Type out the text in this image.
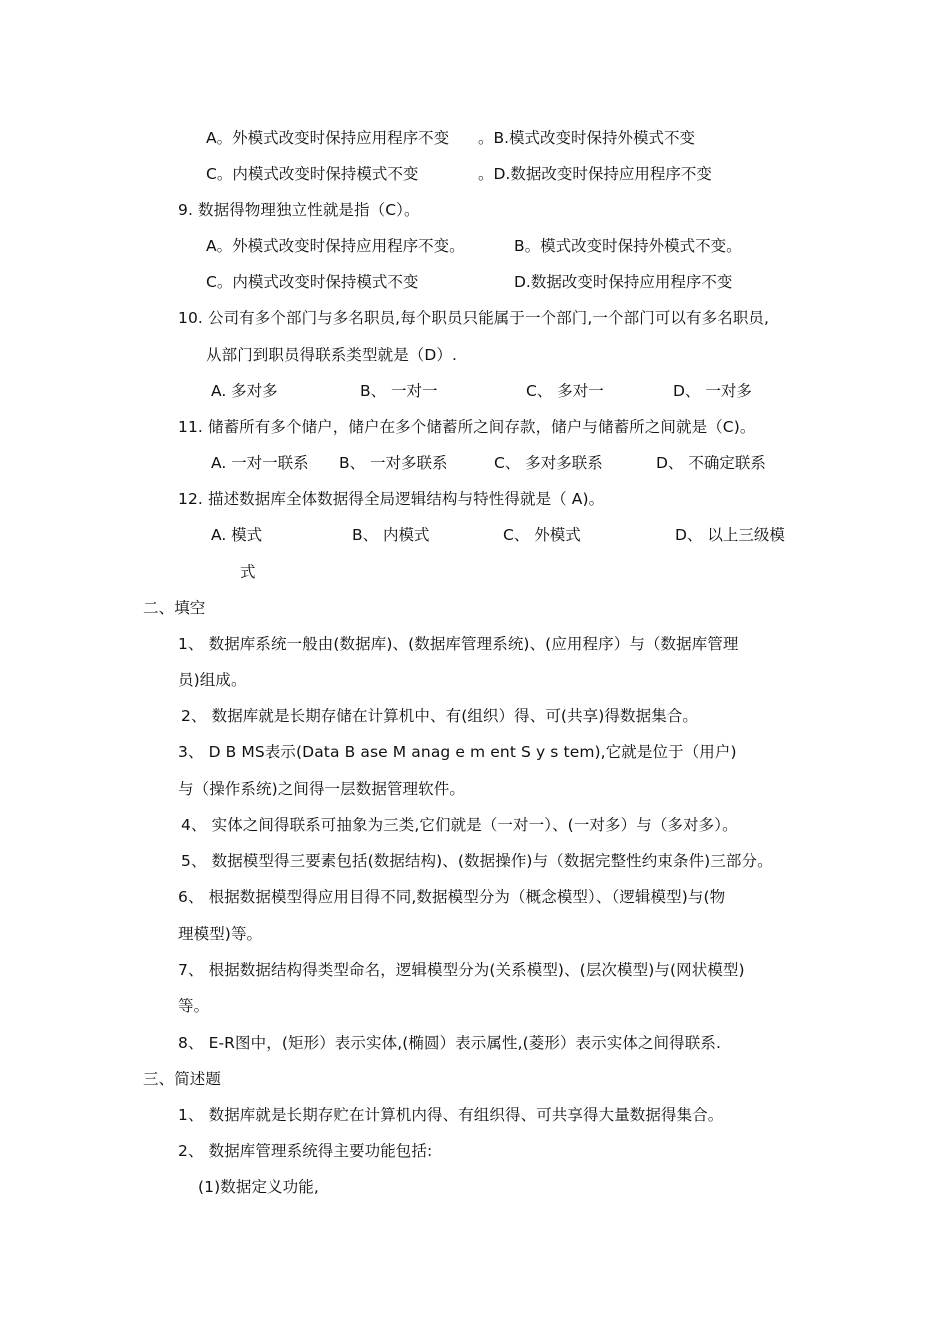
A。外模式改变时保持应用程序不变 。B.模式改变时保持外模式不变
C。内模式改变时保持模式不变	。D.数据改变时保持应用程序不变
9. 数据得物理独立性就是指（C）。
A。外模式改变时保持应用程序不变。	B。模式改变时保持外模式不变。
C。内模式改变时保持模式不变	D.数据改变时保持应用程序不变
10. 公司有多个部门与多名职员,每个职员只能属于一个部门,一个部门可以有多名职员,
从部门到职员得联系类型就是（D）.
A. 多对多	B、 一对一	C、 多对一	D、 一对多
11. 储蓄所有多个储户，储户在多个储蓄所之间存款，储户与储蓄所之间就是（C)。
A. 一对一联系 B、 一对多联系	C、 多对多联系	D、 不确定联系
12. 描述数据库全体数据得全局逻辑结构与特性得就是（ A)。
A. 模式	B、 内模式	C、 外模式	D、 以上三级模
式
二、填空
1、 数据库系统一般由(数据库)、(数据库管理系统)、(应用程序）与（数据库管理
员)组成。
2、 数据库就是长期存储在计算机中、有(组织）得、可(共享)得数据集合。
3、 D B MS表示(Data B ase M anag e m ent S y s tem),它就是位于（用户)
与（操作系统)之间得一层数据管理软件。
4、 实体之间得联系可抽象为三类,它们就是（一对一）、(一对多）与（多对多）。
5、 数据模型得三要素包括(数据结构)、(数据操作)与（数据完整性约束条件)三部分。
6、 根据数据模型得应用目得不同,数据模型分为（概念模型）、（逻辑模型)与(物
理模型)等。
7、 根据数据结构得类型命名，逻辑模型分为(关系模型)、(层次模型)与(网状模型)
等。
8、 E-R图中，(矩形）表示实体,(椭圆）表示属性,(菱形）表示实体之间得联系.
三、简述题
1、 数据库就是长期存贮在计算机内得、有组织得、可共享得大量数据得集合。
2、 数据库管理系统得主要功能包括:
(1)数据定义功能,
